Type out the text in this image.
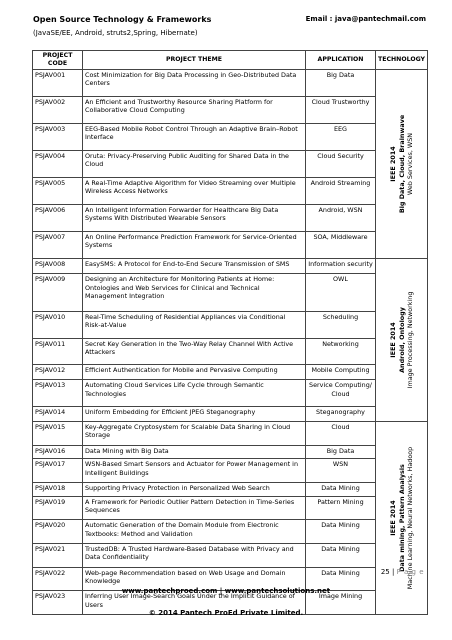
Open Source Technology & Frameworks	Email : java@pantechmail.com
(JavaSE/EE, Android, struts2,Spring, Hibernate)
PROJECT CODE	PROJECT THEME	APPLICATION	TECHNOLOGY
PSJAV001	Cost Minimization for Big Data Processing in Geo-Distributed Data Centers	Big Data	IEEE 2014 Big Data, Cloud, Brainwave Web Services, WSN

PSJAV002	An Efficient and Trustworthy Resource Sharing Platform for Collaborative Cloud Computing	Cloud Trustworthy	
PSJAV003	EEG-Based Mobile Robot Control Through an Adaptive Brain–Robot Interface	EEG	
PSJAV004	Oruta: Privacy-Preserving Public Auditing for Shared Data in the Cloud	Cloud Security	
PSJAV005	A Real-Time Adaptive Algorithm for Video Streaming over Multiple Wireless Access Networks	Android Streaming	
PSJAV006	An Intelligent Information Forwarder for Healthcare Big Data Systems With Distributed Wearable Sensors	Android, WSN	
PSJAV007	An Online Performance Prediction Framework for Service-Oriented Systems	SOA, Middleware	
PSJAV008	EasySMS: A Protocol for End-to-End Secure Transmission of SMS	Information security	IEEE 2014 Android, Ontology Image Processing, Networking

PSJAV009	Designing an Architecture for Monitoring Patients at Home: Ontologies and Web Services for Clinical and Technical Management Integration	OWL	
PSJAV010	Real-Time Scheduling of Residential Appliances via Conditional Risk-at-Value	Scheduling	
PSJAV011	Secret Key Generation in the Two-Way Relay Channel With Active Attackers	Networking	
PSJAV012	Efficient Authentication for Mobile and Pervasive Computing	Mobile Computing	
PSJAV013	Automating Cloud Services Life Cycle through Semantic Technologies	Service Computing/ Cloud	
PSJAV014	Uniform Embedding for Efficient JPEG Steganography	Steganography	
PSJAV015	Key-Aggregate Cryptosystem for Scalable Data Sharing in Cloud Storage	Cloud	IEEE 2014 Data mining, Pattern Analysis Machine Learning, Neural Networks, Hadoop

PSJAV016	Data Mining with Big Data	Big Data	
PSJAV017	WSN-Based Smart Sensors and Actuator for Power Management in Intelligent Buildings	WSN	
PSJAV018	Supporting Privacy Protection in Personalized Web Search	Data Mining	
PSJAV019	A Framework for Periodic Outlier Pattern Detection in Time-Series Sequences	Pattern Mining	
PSJAV020	Automatic Generation of the Domain Module from Electronic Textbooks: Method and Validation	Data Mining	
PSJAV021	TrustedDB: A Trusted Hardware-Based Database with Privacy and Data Confidentiality	Data Mining	
PSJAV022	Web-page Recommendation based on Web Usage and Domain Knowledge	Data Mining	
PSJAV023	Inferring User Image-Search Goals Under the Implicit Guidance of Users	Image Mining	
25 | P a g e
www.pantechproed.com | www.pantechsolutions.net
© 2014 Pantech ProEd Private Limited.
